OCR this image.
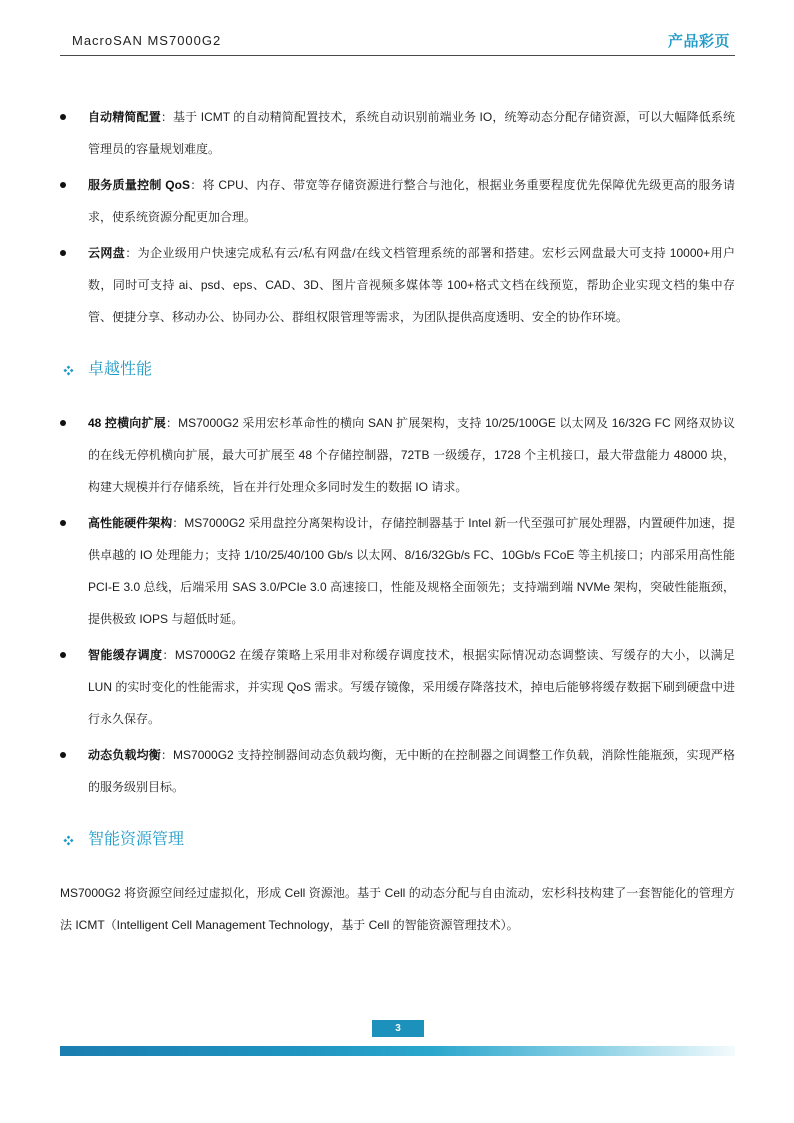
MacroSAN MS7000G2	产品彩页
自动精简配置：基于 ICMT 的自动精简配置技术，系统自动识别前端业务 IO，统筹动态分配存储资源，可以大幅降低系统管理员的容量规划难度。
服务质量控制 QoS：将 CPU、内存、带宽等存储资源进行整合与池化，根据业务重要程度优先保障优先级更高的服务请求，使系统资源分配更加合理。
云网盘：为企业级用户快速完成私有云/私有网盘/在线文档管理系统的部署和搭建。宏杉云网盘最大可支持 10000+用户数，同时可支持 ai、psd、eps、CAD、3D、图片音视频多媒体等 100+格式文档在线预览，帮助企业实现文档的集中存管、便捷分享、移动办公、协同办公、群组权限管理等需求，为团队提供高度透明、安全的协作环境。
卓越性能
48 控横向扩展：MS7000G2 采用宏杉革命性的横向 SAN 扩展架构，支持 10/25/100GE 以太网及 16/32G FC 网络双协议的在线无停机横向扩展，最大可扩展至 48 个存储控制器，72TB 一级缓存，1728 个主机接口，最大带盘能力 48000 块，构建大规模并行存储系统，旨在并行处理众多同时发生的数据 IO 请求。
高性能硬件架构：MS7000G2 采用盘控分离架构设计，存储控制器基于 Intel 新一代至强可扩展处理器，内置硬件加速，提供卓越的 IO 处理能力；支持 1/10/25/40/100 Gb/s 以太网、8/16/32Gb/s FC、10Gb/s FCoE 等主机接口；内部采用高性能 PCI-E 3.0 总线，后端采用 SAS 3.0/PCIe 3.0 高速接口，性能及规格全面领先；支持端到端 NVMe 架构，突破性能瓶颈，提供极致 IOPS 与超低时延。
智能缓存调度：MS7000G2 在缓存策略上采用非对称缓存调度技术，根据实际情况动态调整读、写缓存的大小，以满足 LUN 的实时变化的性能需求，并实现 QoS 需求。写缓存镜像，采用缓存降落技术，掉电后能够将缓存数据下刷到硬盘中进行永久保存。
动态负载均衡：MS7000G2 支持控制器间动态负载均衡，无中断的在控制器之间调整工作负载，消除性能瓶颈，实现严格的服务级别目标。
智能资源管理

MS7000G2 将资源空间经过虚拟化，形成 Cell 资源池。基于 Cell 的动态分配与自由流动，宏杉科技构建了一套智能化的管理方法 ICMT（Intelligent Cell Management Technology，基于 Cell 的智能资源管理技术）。

3
